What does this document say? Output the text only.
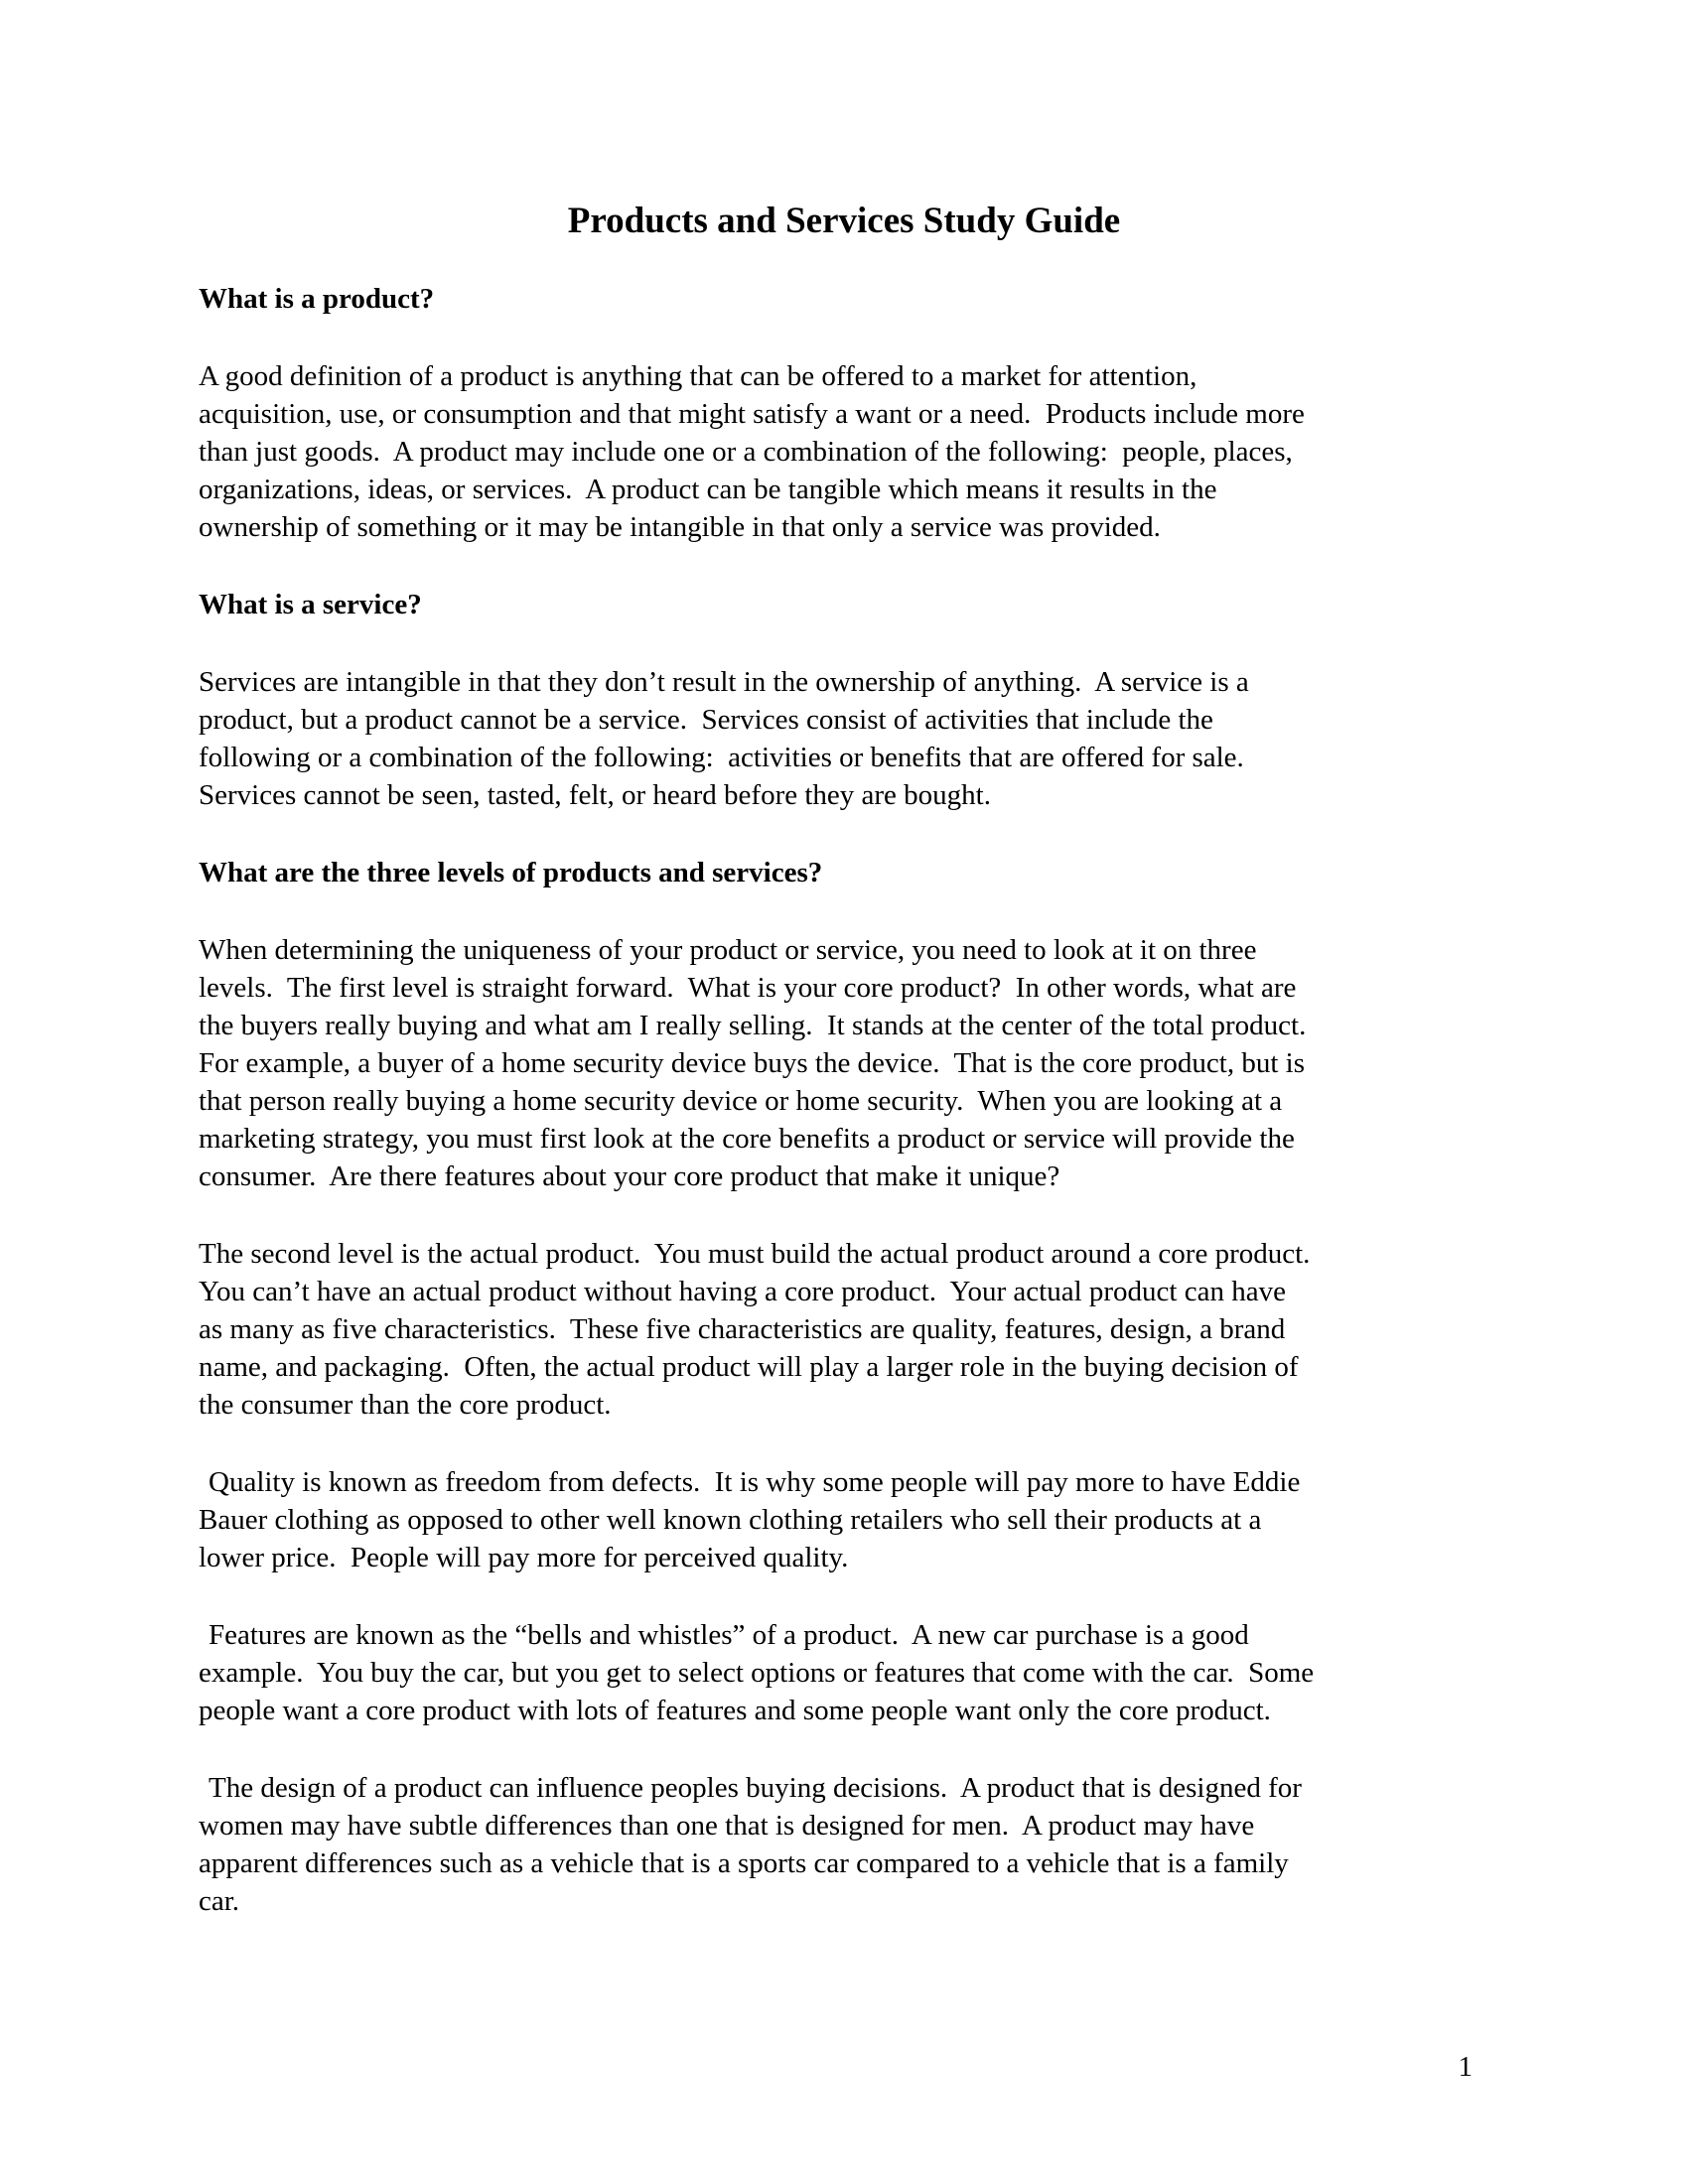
Products and Services Study Guide
What is a product?
A good definition of a product is anything that can be offered to a market for attention,
acquisition, use, or consumption and that might satisfy a want or a need.  Products include more
than just goods.  A product may include one or a combination of the following:  people, places,
organizations, ideas, or services.  A product can be tangible which means it results in the
ownership of something or it may be intangible in that only a service was provided.
What is a service?
Services are intangible in that they don’t result in the ownership of anything.  A service is a
product, but a product cannot be a service.  Services consist of activities that include the
following or a combination of the following:  activities or benefits that are offered for sale.
Services cannot be seen, tasted, felt, or heard before they are bought.
What are the three levels of products and services?
When determining the uniqueness of your product or service, you need to look at it on three
levels.  The first level is straight forward.  What is your core product?  In other words, what are
the buyers really buying and what am I really selling.  It stands at the center of the total product.
For example, a buyer of a home security device buys the device.  That is the core product, but is
that person really buying a home security device or home security.  When you are looking at a
marketing strategy, you must first look at the core benefits a product or service will provide the
consumer.  Are there features about your core product that make it unique?
The second level is the actual product.  You must build the actual product around a core product.
You can’t have an actual product without having a core product.  Your actual product can have
as many as five characteristics.  These five characteristics are quality, features, design, a brand
name, and packaging.  Often, the actual product will play a larger role in the buying decision of
the consumer than the core product.
Quality is known as freedom from defects.  It is why some people will pay more to have Eddie
Bauer clothing as opposed to other well known clothing retailers who sell their products at a
lower price.  People will pay more for perceived quality.
Features are known as the “bells and whistles” of a product.  A new car purchase is a good
example.  You buy the car, but you get to select options or features that come with the car.  Some
people want a core product with lots of features and some people want only the core product.
The design of a product can influence peoples buying decisions.  A product that is designed for
women may have subtle differences than one that is designed for men.  A product may have
apparent differences such as a vehicle that is a sports car compared to a vehicle that is a family
car.
1
